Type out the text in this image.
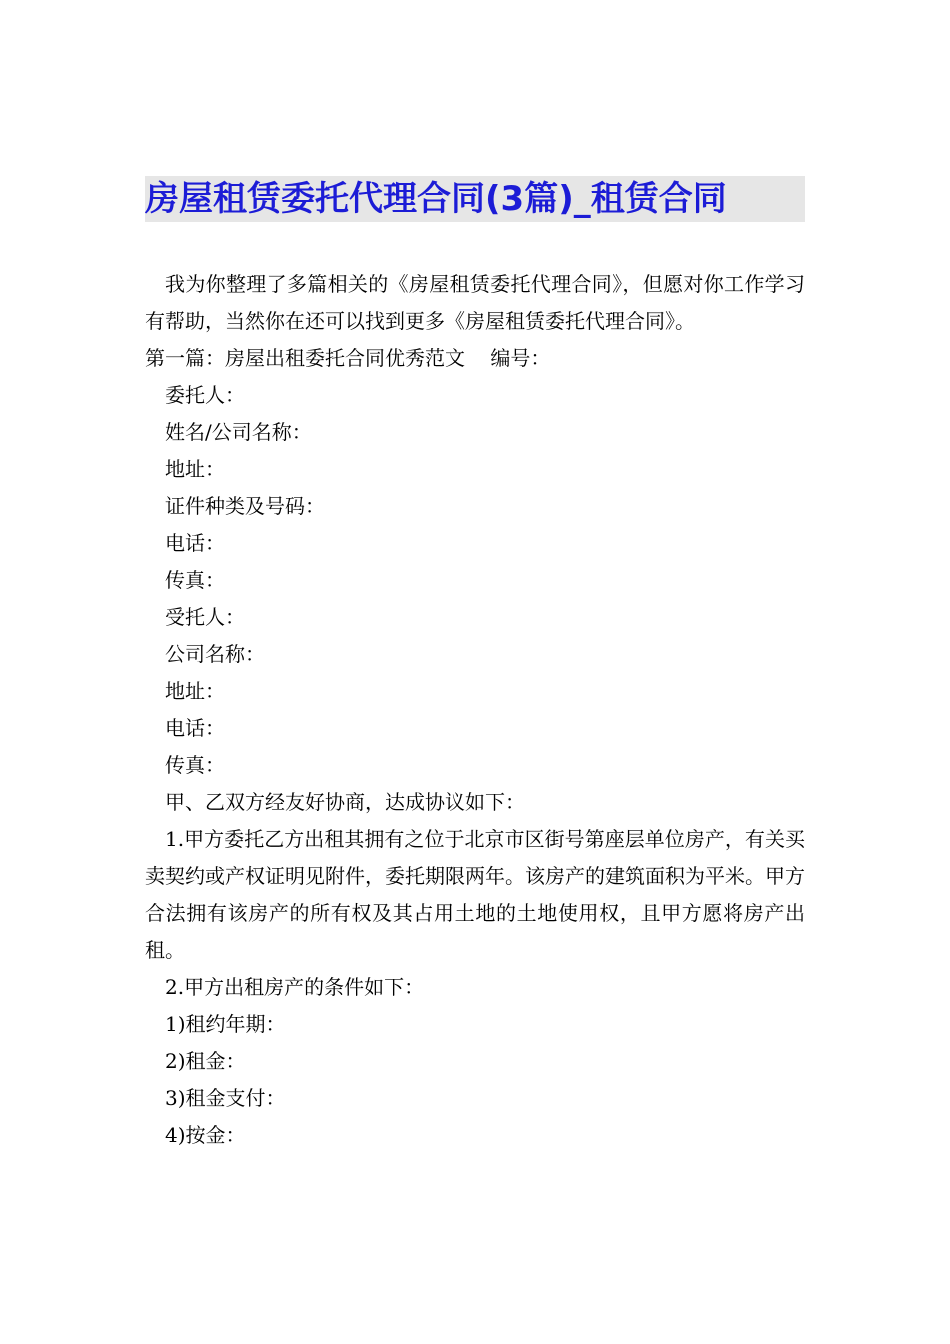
房屋租赁委托代理合同(3篇)_租赁合同

我为你整理了多篇相关的《房屋租赁委托代理合同》，但愿对你工作学习有帮助，当然你在还可以找到更多《房屋租赁委托代理合同》。

第一篇：房屋出租委托合同优秀范文    编号：

委托人：

姓名/公司名称：

地址：

证件种类及号码：

电话：

传真：

受托人：

公司名称：

地址：

电话：

传真：

甲、乙双方经友好协商，达成协议如下：

1.甲方委托乙方出租其拥有之位于北京市区街号第座层单位房产，有关买卖契约或产权证明见附件，委托期限两年。该房产的建筑面积为平米。甲方合法拥有该房产的所有权及其占用土地的土地使用权，且甲方愿将房产出租。

2.甲方出租房产的条件如下：

1)租约年期：

2)租金：

3)租金支付：

4)按金：
